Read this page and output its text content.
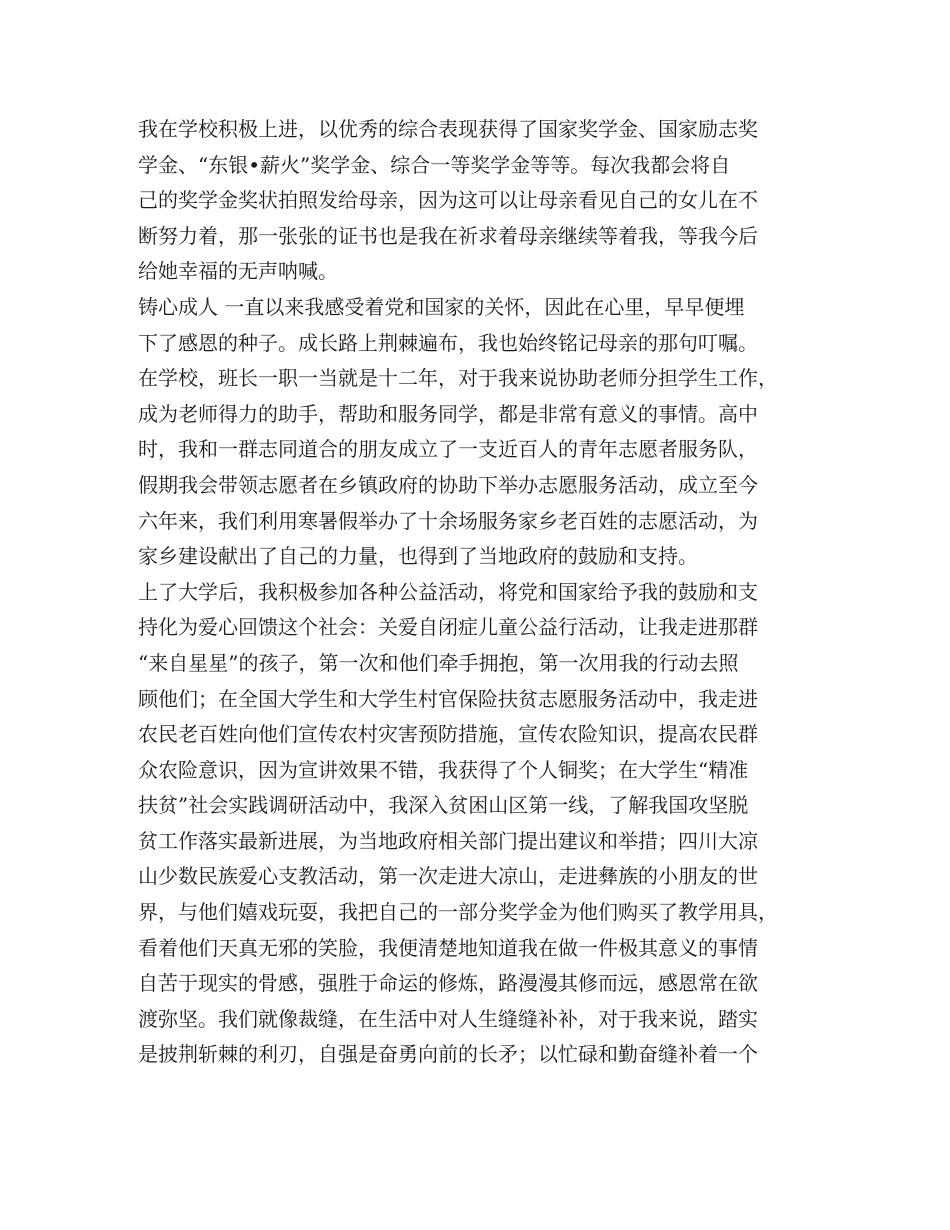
我在学校积极上进，以优秀的综合表现获得了国家奖学金、国家励志奖
学金、“东银•薪火”奖学金、综合一等奖学金等等。每次我都会将自
己的奖学金奖状拍照发给母亲，因为这可以让母亲看见自己的女儿在不
断努力着，那一张张的证书也是我在祈求着母亲继续等着我，等我今后
给她幸福的无声呐喊。
铸心成人 一直以来我感受着党和国家的关怀，因此在心里，早早便埋
下了感恩的种子。成长路上荆棘遍布，我也始终铭记母亲的那句叮嘱。
在学校，班长一职一当就是十二年，对于我来说协助老师分担学生工作，
成为老师得力的助手，帮助和服务同学，都是非常有意义的事情。高中
时，我和一群志同道合的朋友成立了一支近百人的青年志愿者服务队，
假期我会带领志愿者在乡镇政府的协助下举办志愿服务活动，成立至今
六年来，我们利用寒暑假举办了十余场服务家乡老百姓的志愿活动，为
家乡建设献出了自己的力量，也得到了当地政府的鼓励和支持。
上了大学后，我积极参加各种公益活动，将党和国家给予我的鼓励和支
持化为爱心回馈这个社会：关爱自闭症儿童公益行活动，让我走进那群
“来自星星”的孩子，第一次和他们牵手拥抱，第一次用我的行动去照
顾他们；在全国大学生和大学生村官保险扶贫志愿服务活动中，我走进
农民老百姓向他们宣传农村灾害预防措施，宣传农险知识，提高农民群
众农险意识，因为宣讲效果不错，我获得了个人铜奖；在大学生“精准
扶贫”社会实践调研活动中，我深入贫困山区第一线，了解我国攻坚脱
贫工作落实最新进展，为当地政府相关部门提出建议和举措；四川大凉
山少数民族爱心支教活动，第一次走进大凉山，走进彝族的小朋友的世
界，与他们嬉戏玩耍，我把自己的一部分奖学金为他们购买了教学用具，
看着他们天真无邪的笑脸，我便清楚地知道我在做一件极其意义的事情
自苦于现实的骨感，强胜于命运的修炼，路漫漫其修而远，感恩常在欲
渡弥坚。我们就像裁缝，在生活中对人生缝缝补补，对于我来说，踏实
是披荆斩棘的利刃，自强是奋勇向前的长矛；以忙碌和勤奋缝补着一个
